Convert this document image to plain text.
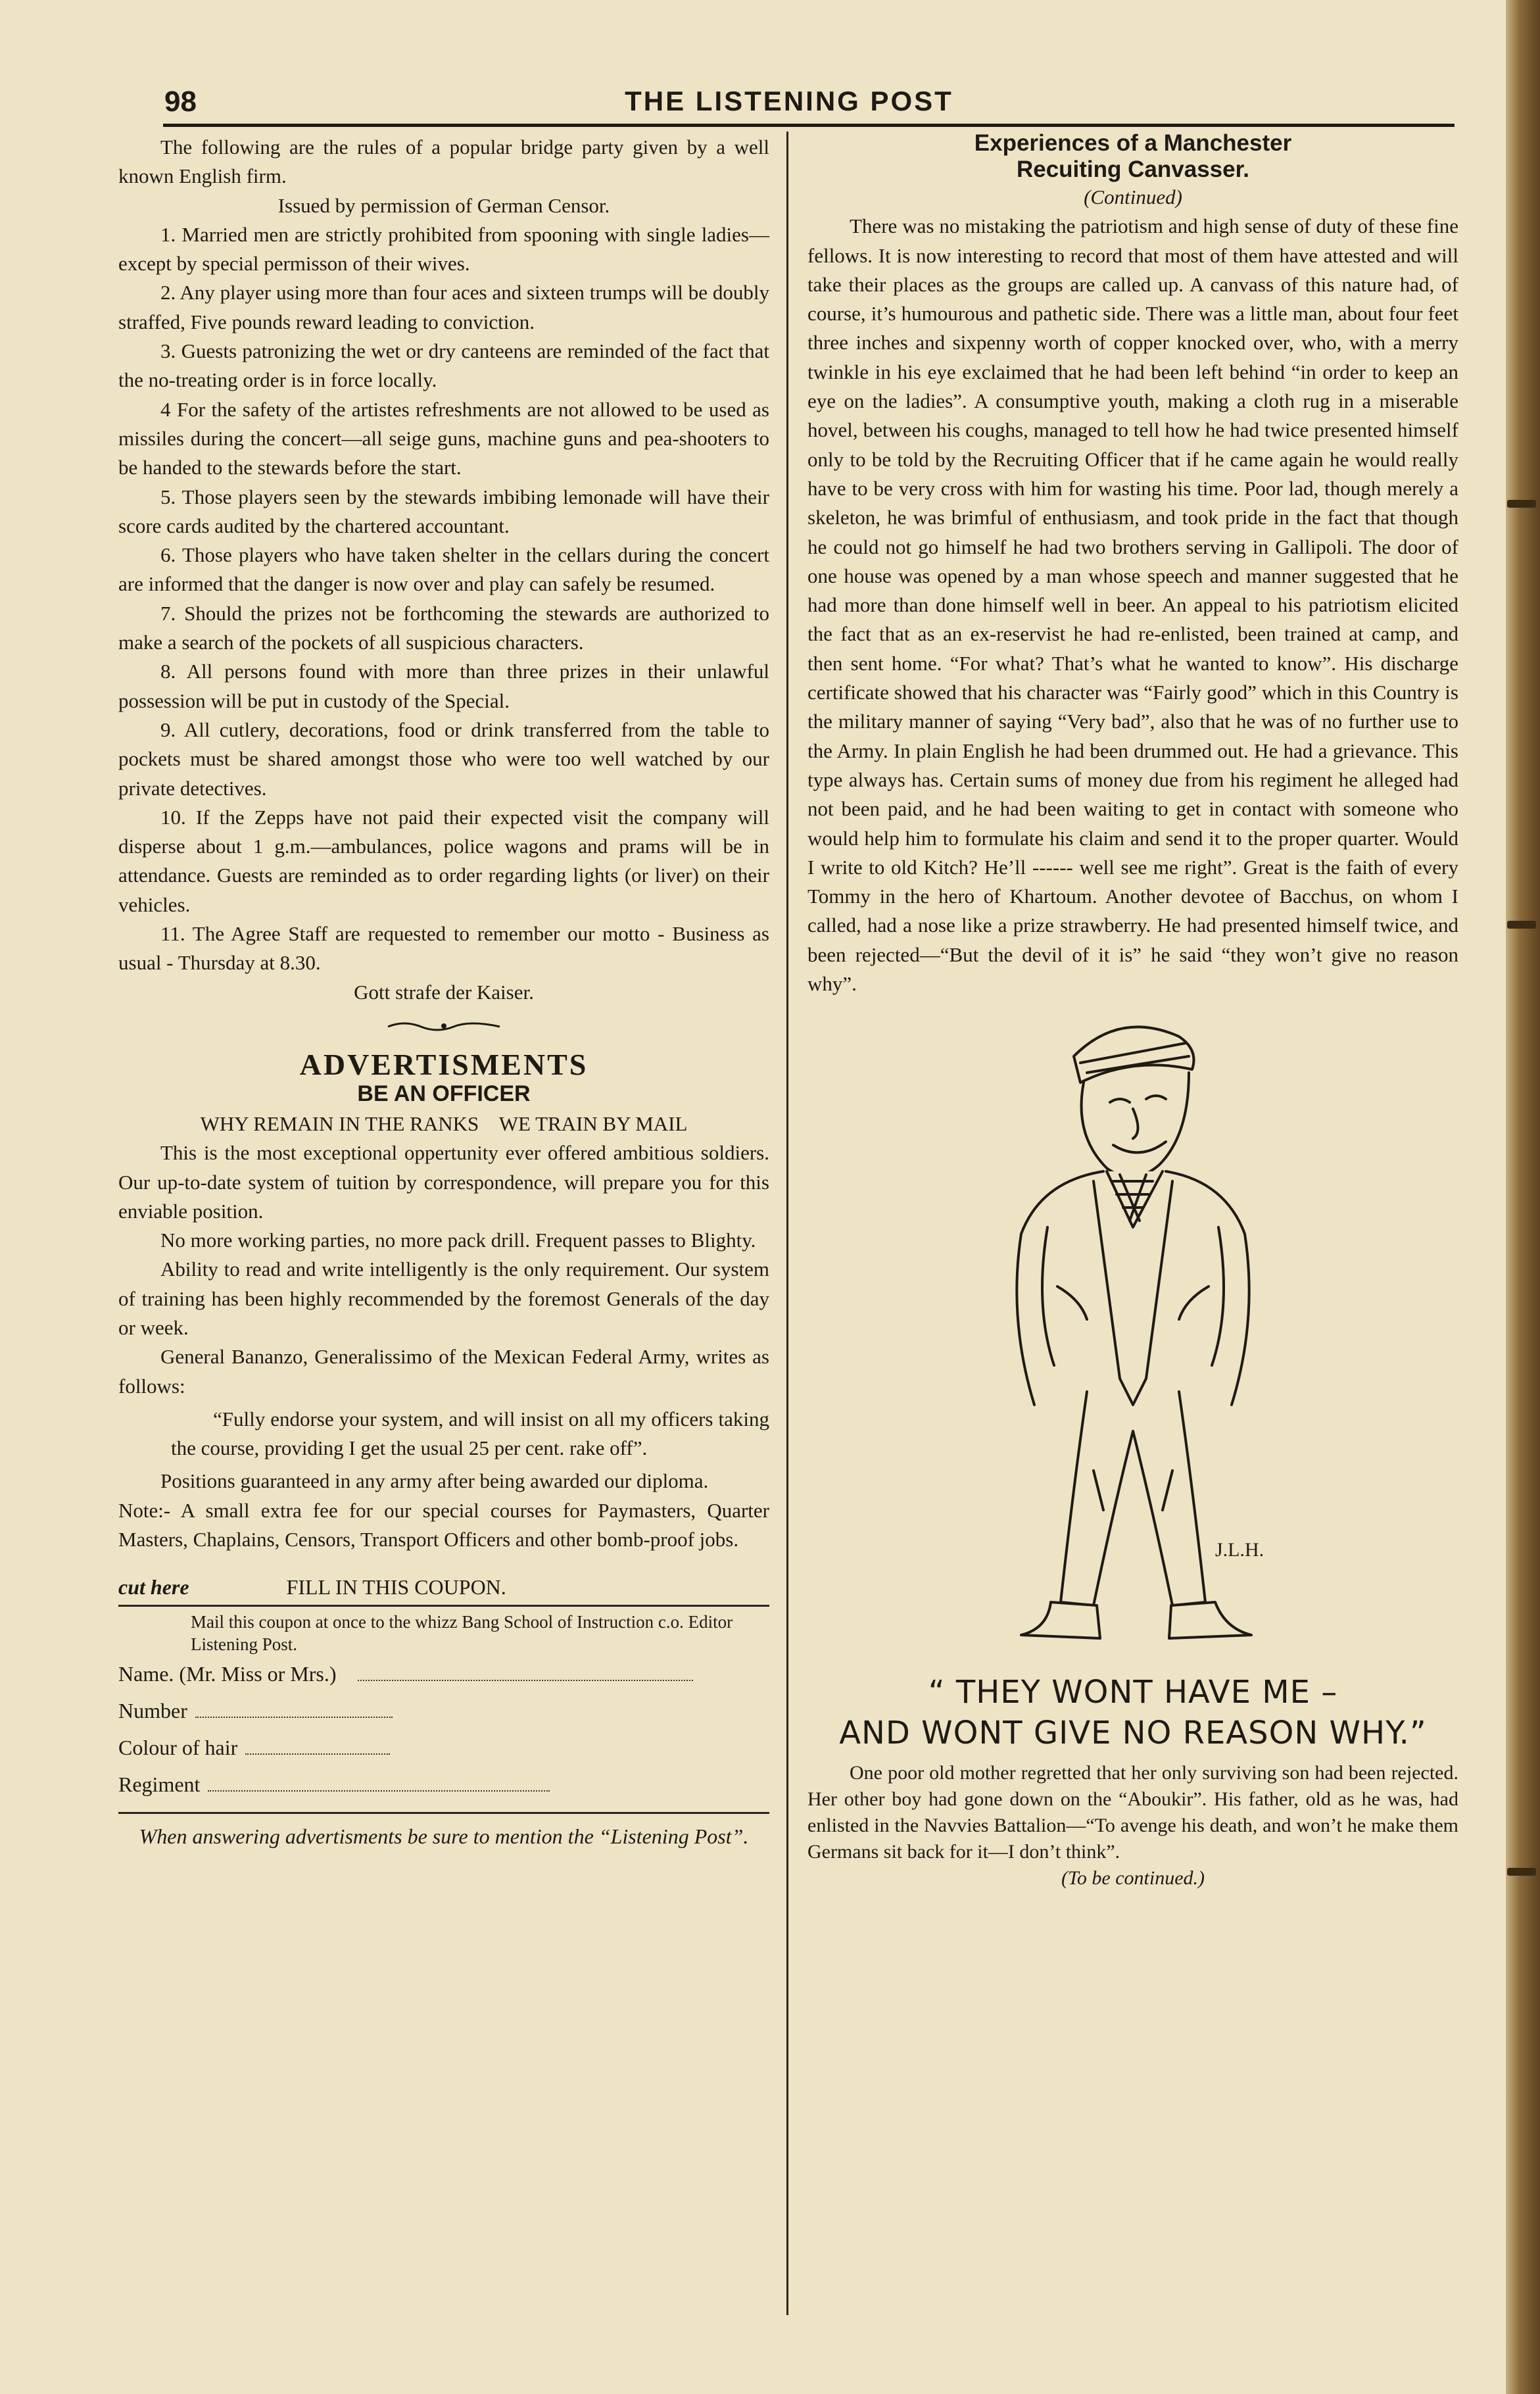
98	THE LISTENING POST

The following are the rules of a popular bridge party given by a well known English firm.

Issued by permission of German Censor.

1. Married men are strictly prohibited from spooning with single ladies—except by special permisson of their wives.

2. Any player using more than four aces and sixteen trumps will be doubly straffed, Five pounds reward leading to conviction.

3. Guests patronizing the wet or dry canteens are reminded of the fact that the no-treating order is in force locally.

4 For the safety of the artistes refreshments are not allowed to be used as missiles during the concert—all seige guns, machine guns and pea-shooters to be handed to the stewards before the start.

5. Those players seen by the stewards imbibing lemonade will have their score cards audited by the chartered accountant.

6. Those players who have taken shelter in the cellars during the concert are informed that the danger is now over and play can safely be resumed.

7. Should the prizes not be forthcoming the stewards are authorized to make a search of the pockets of all suspicious characters.

8. All persons found with more than three prizes in their unlawful possession will be put in custody of the Special.

9. All cutlery, decorations, food or drink transferred from the table to pockets must be shared amongst those who were too well watched by our private detectives.

10. If the Zepps have not paid their expected visit the company will disperse about 1 g.m.—ambulances, police wagons and prams will be in attendance. Guests are reminded as to order regarding lights (or liver) on their vehicles.

11. The Agree Staff are requested to remember our motto - Business as usual - Thursday at 8.30.

Gott strafe der Kaiser.

ADVERTISMENTS

BE AN OFFICER

WHY REMAIN IN THE RANKS WE TRAIN BY MAIL

This is the most exceptional oppertunity ever offered ambitious soldiers. Our up-to-date system of tuition by correspondence, will prepare you for this enviable position.

No more working parties, no more pack drill. Frequent passes to Blighty.

Ability to read and write intelligently is the only requirement. Our system of training has been highly recommended by the foremost Generals of the day or week.

General Bananzo, Generalissimo of the Mexican Federal Army, writes as follows:

“Fully endorse your system, and will insist on all my officers taking the course, providing I get the usual 25 per cent. rake off”.

Positions guaranteed in any army after being awarded our diploma.

Note:- A small extra fee for our special courses for Paymasters, Quarter Masters, Chaplains, Censors, Transport Officers and other bomb-proof jobs.

cut here	FILL IN THIS COUPON.

Mail this coupon at once to the whizz Bang School of Instruction c.o. Editor Listening Post.

Name. (Mr. Miss or Mrs.)
Number
Colour of hair
Regiment

When answering advertisments be sure to mention the “Listening Post”.

Experiences of a Manchester
Recuiting Canvasser.

(Continued)

There was no mistaking the patriotism and high sense of duty of these fine fellows. It is now interesting to record that most of them have attested and will take their places as the groups are called up. A canvass of this nature had, of course, it’s humourous and pathetic side. There was a little man, about four feet three inches and sixpenny worth of copper knocked over, who, with a merry twinkle in his eye exclaimed that he had been left behind “in order to keep an eye on the ladies”. A consumptive youth, making a cloth rug in a miserable hovel, between his coughs, managed to tell how he had twice presented himself only to be told by the Recruiting Officer that if he came again he would really have to be very cross with him for wasting his time. Poor lad, though merely a skeleton, he was brimful of enthusiasm, and took pride in the fact that though he could not go himself he had two brothers serving in Gallipoli. The door of one house was opened by a man whose speech and manner suggested that he had more than done himself well in beer. An appeal to his patriotism elicited the fact that as an ex-reservist he had re-enlisted, been trained at camp, and then sent home. “For what? That’s what he wanted to know”. His discharge certificate showed that his character was “Fairly good” which in this Country is the military manner of saying “Very bad”, also that he was of no further use to the Army. In plain English he had been drummed out. He had a grievance. This type always has. Certain sums of money due from his regiment he alleged had not been paid, and he had been waiting to get in contact with someone who would help him to formulate his claim and send it to the proper quarter. Would I write to old Kitch? He’ll ------ well see me right”. Great is the faith of every Tommy in the hero of Khartoum. Another devotee of Bacchus, on whom I called, had a nose like a prize strawberry. He had presented himself twice, and been rejected—“But the devil of it is” he said “they won’t give no reason why”.

J.L.H.

“ THEY WONT HAVE ME –
AND WONT GIVE NO REASON WHY.”

One poor old mother regretted that her only surviving son had been rejected. Her other boy had gone down on the “Aboukir”. His father, old as he was, had enlisted in the Navvies Battalion—“To avenge his death, and won’t he make them Germans sit back for it—I don’t think”.

(To be continued.)
